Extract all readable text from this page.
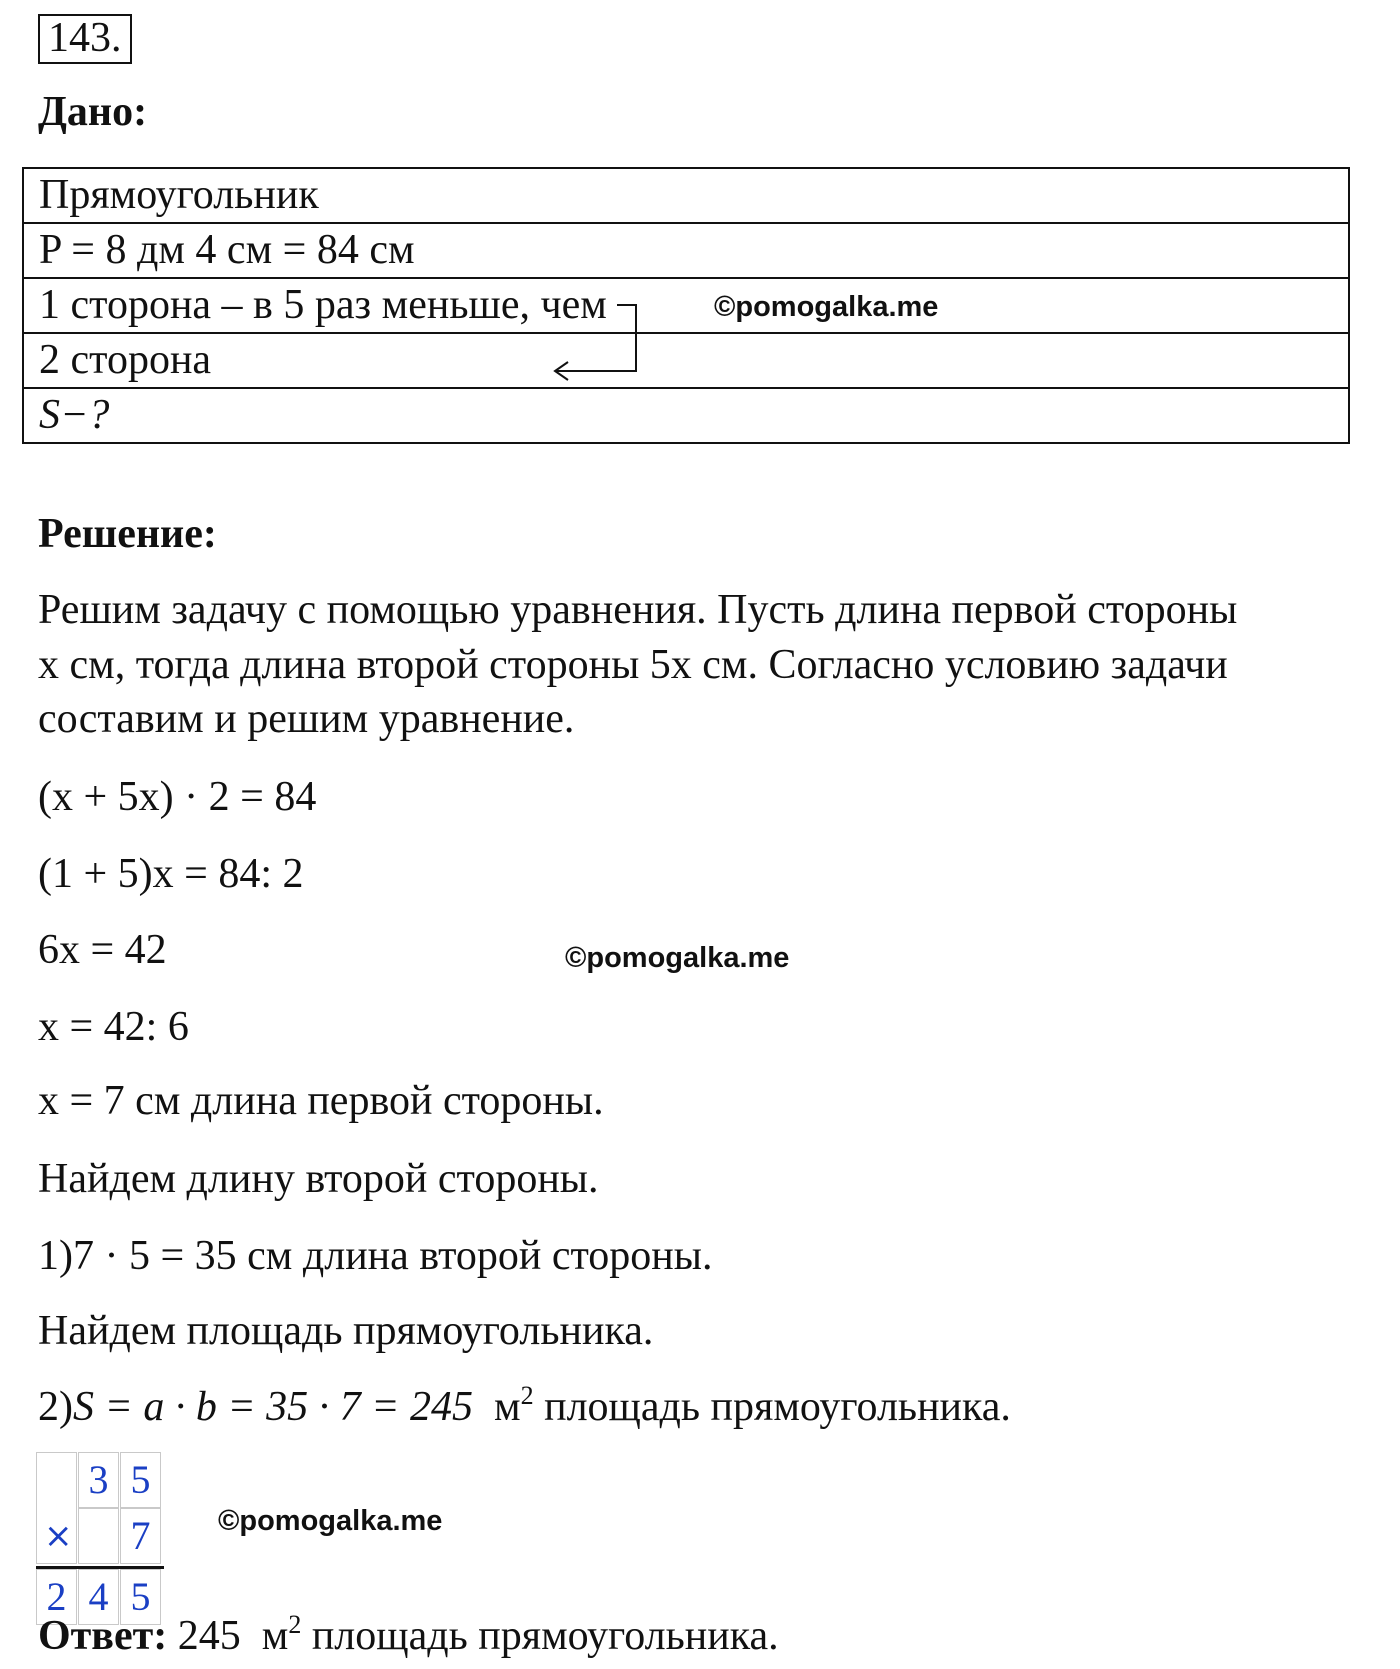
143.
Дано:
Прямоугольник
P = 8 дм 4 см = 84 см
1 сторона – в 5 раз меньше, чем	©pomogalka.me
2 сторона
S−?
Решение:
Решим задачу с помощью уравнения. Пусть длина первой стороны
x см, тогда длина второй стороны 5x см. Согласно условию задачи
составим и решим уравнение.
(x + 5x) · 2 = 84
(1 + 5)x = 84: 2
6x = 42	©pomogalka.me
x = 42: 6
x = 7 см длина первой стороны.
Найдем длину второй стороны.
1)7 · 5 = 35 см длина второй стороны.
Найдем площадь прямоугольника.
2)S = a · b = 35 · 7 = 245 $м^2$ площадь прямоугольника.
×
3 5
7
2 4 5
©pomogalka.me
Ответ: 245 $м^2$ площадь прямоугольника.
